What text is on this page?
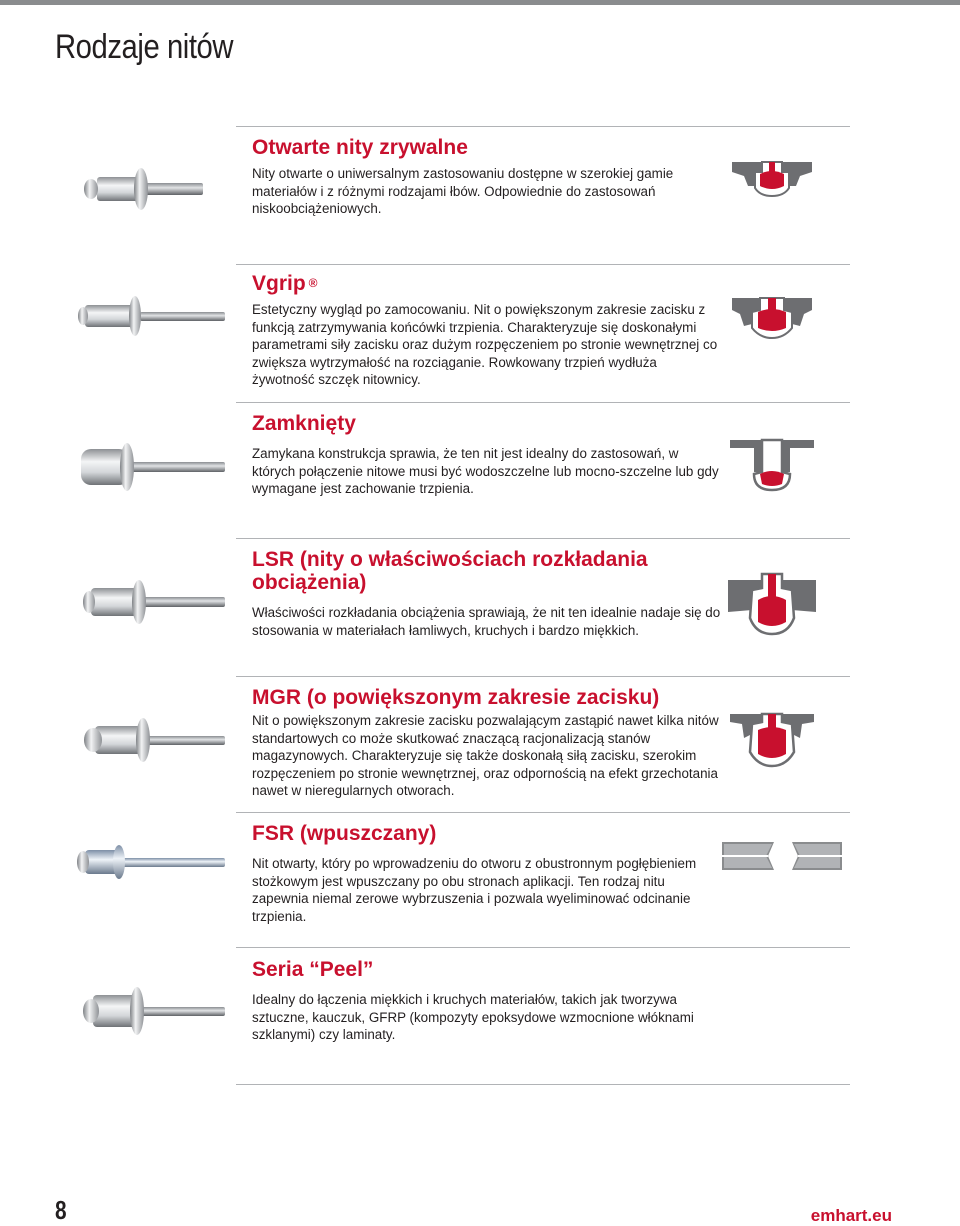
Rodzaje nitów
Otwarte nity zrywalne

Nity otwarte o uniwersalnym zastosowaniu dostępne w szerokiej gamie materiałów i z różnymi rodzajami łbów. Odpowiednie do zastosowań niskoobciążeniowych.

Vgrip ®

Estetyczny wygląd po zamocowaniu. Nit o powiększonym zakresie zacisku z funkcją zatrzymywania końcówki trzpienia. Charakteryzuje się doskonałymi parametrami siły zacisku oraz dużym rozpęczeniem po stronie wewnętrznej co zwiększa wytrzymałość na rozciąganie. Rowkowany trzpień wydłuża żywotność szczęk nitownicy.

Zamknięty

Zamykana konstrukcja sprawia, że ten nit jest idealny do zastosowań, w których połączenie nitowe musi być wodoszczelne lub mocno-szczelne lub gdy wymagane jest zachowanie trzpienia.

LSR (nity o właściwościach rozkładania obciążenia)

Właściwości rozkładania obciążenia sprawiają, że nit ten idealnie nadaje się do stosowania w materiałach łamliwych, kruchych i bardzo miękkich.

MGR (o powiększonym zakresie zacisku)

Nit o powiększonym zakresie zacisku pozwalającym zastąpić nawet kilka nitów standartowych co może skutkować znaczącą racjonalizacją stanów magazynowych. Charakteryzuje się także doskonałą siłą zacisku, szerokim rozpęczeniem po stronie wewnętrznej, oraz odpornością na efekt grzechotania nawet w nieregularnych otworach.

FSR (wpuszczany)

Nit otwarty, który po wprowadzeniu do otworu z obustronnym pogłębieniem stożkowym jest wpuszczany po obu stronach aplikacji. Ten rodzaj nitu zapewnia niemal zerowe wybrzuszenia i pozwala wyeliminować odcinanie trzpienia.

Seria “Peel”

Idealny do łączenia miękkich i kruchych materiałów, takich jak tworzywa sztuczne, kauczuk, GFRP (kompozyty epoksydowe wzmocnione włóknami szklanymi) czy laminaty.

8	emhart.eu
